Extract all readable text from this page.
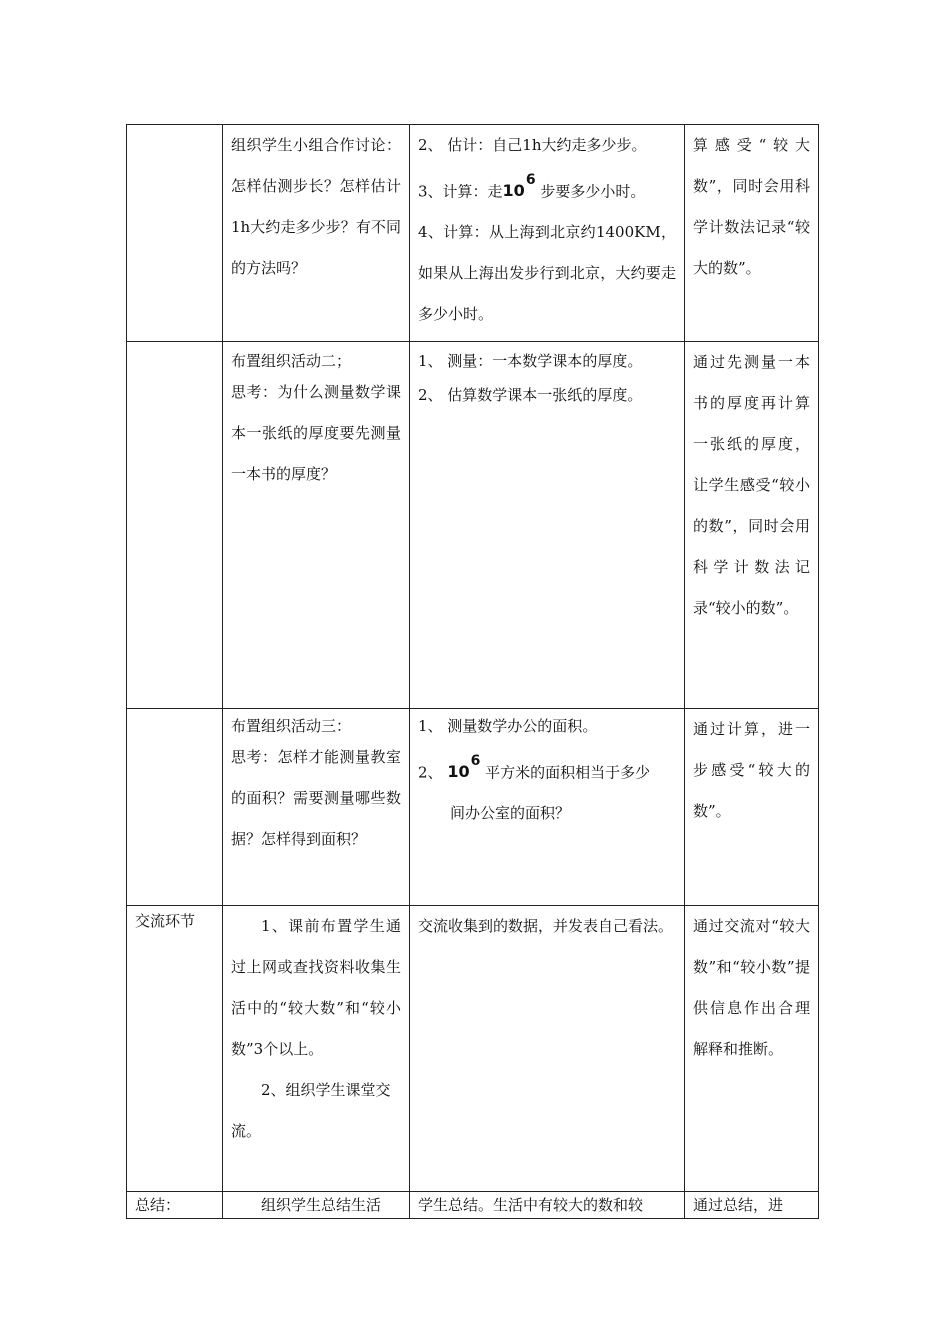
	组织学生小组合作讨论：怎样估测步长？怎样估计1h大约走多少步？有不同的方法吗？	2、 估计：自己1h大约走多少步。
3、计算：走$10^6$ 步要多少小时。
4、计算：从上海到北京约1400KM，如果从上海出发步行到北京，大约要走多少小时。	算感受“较大数”，同时会用科学计数法记录“较大的数”。

	布置组织活动二；
思考：为什么测量数学课本一张纸的厚度要先测量一本书的厚度？	1、 测量：一本数学课本的厚度。
2、 估算数学课本一张纸的厚度。	通过先测量一本书的厚度再计算一张纸的厚度，让学生感受“较小的数”，同时会用科学计数法记录“较小的数”。

	布置组织活动三：
思考：怎样才能测量教室的面积？需要测量哪些数据？怎样得到面积？	1、 测量数学办公的面积。
2、 $10^6$ 平方米的面积相当于多少
间办公室的面积？	通过计算，进一步感受“较大的数”。

交流环节	1、课前布置学生通过上网或查找资料收集生活中的“较大数”和“较小数”3个以上。
2、组织学生课堂交流。	交流收集到的数据，并发表自己看法。	通过交流对“较大数”和“较小数”提供信息作出合理解释和推断。
总结：	组织学生总结生活	学生总结。生活中有较大的数和较	通过总结，进
